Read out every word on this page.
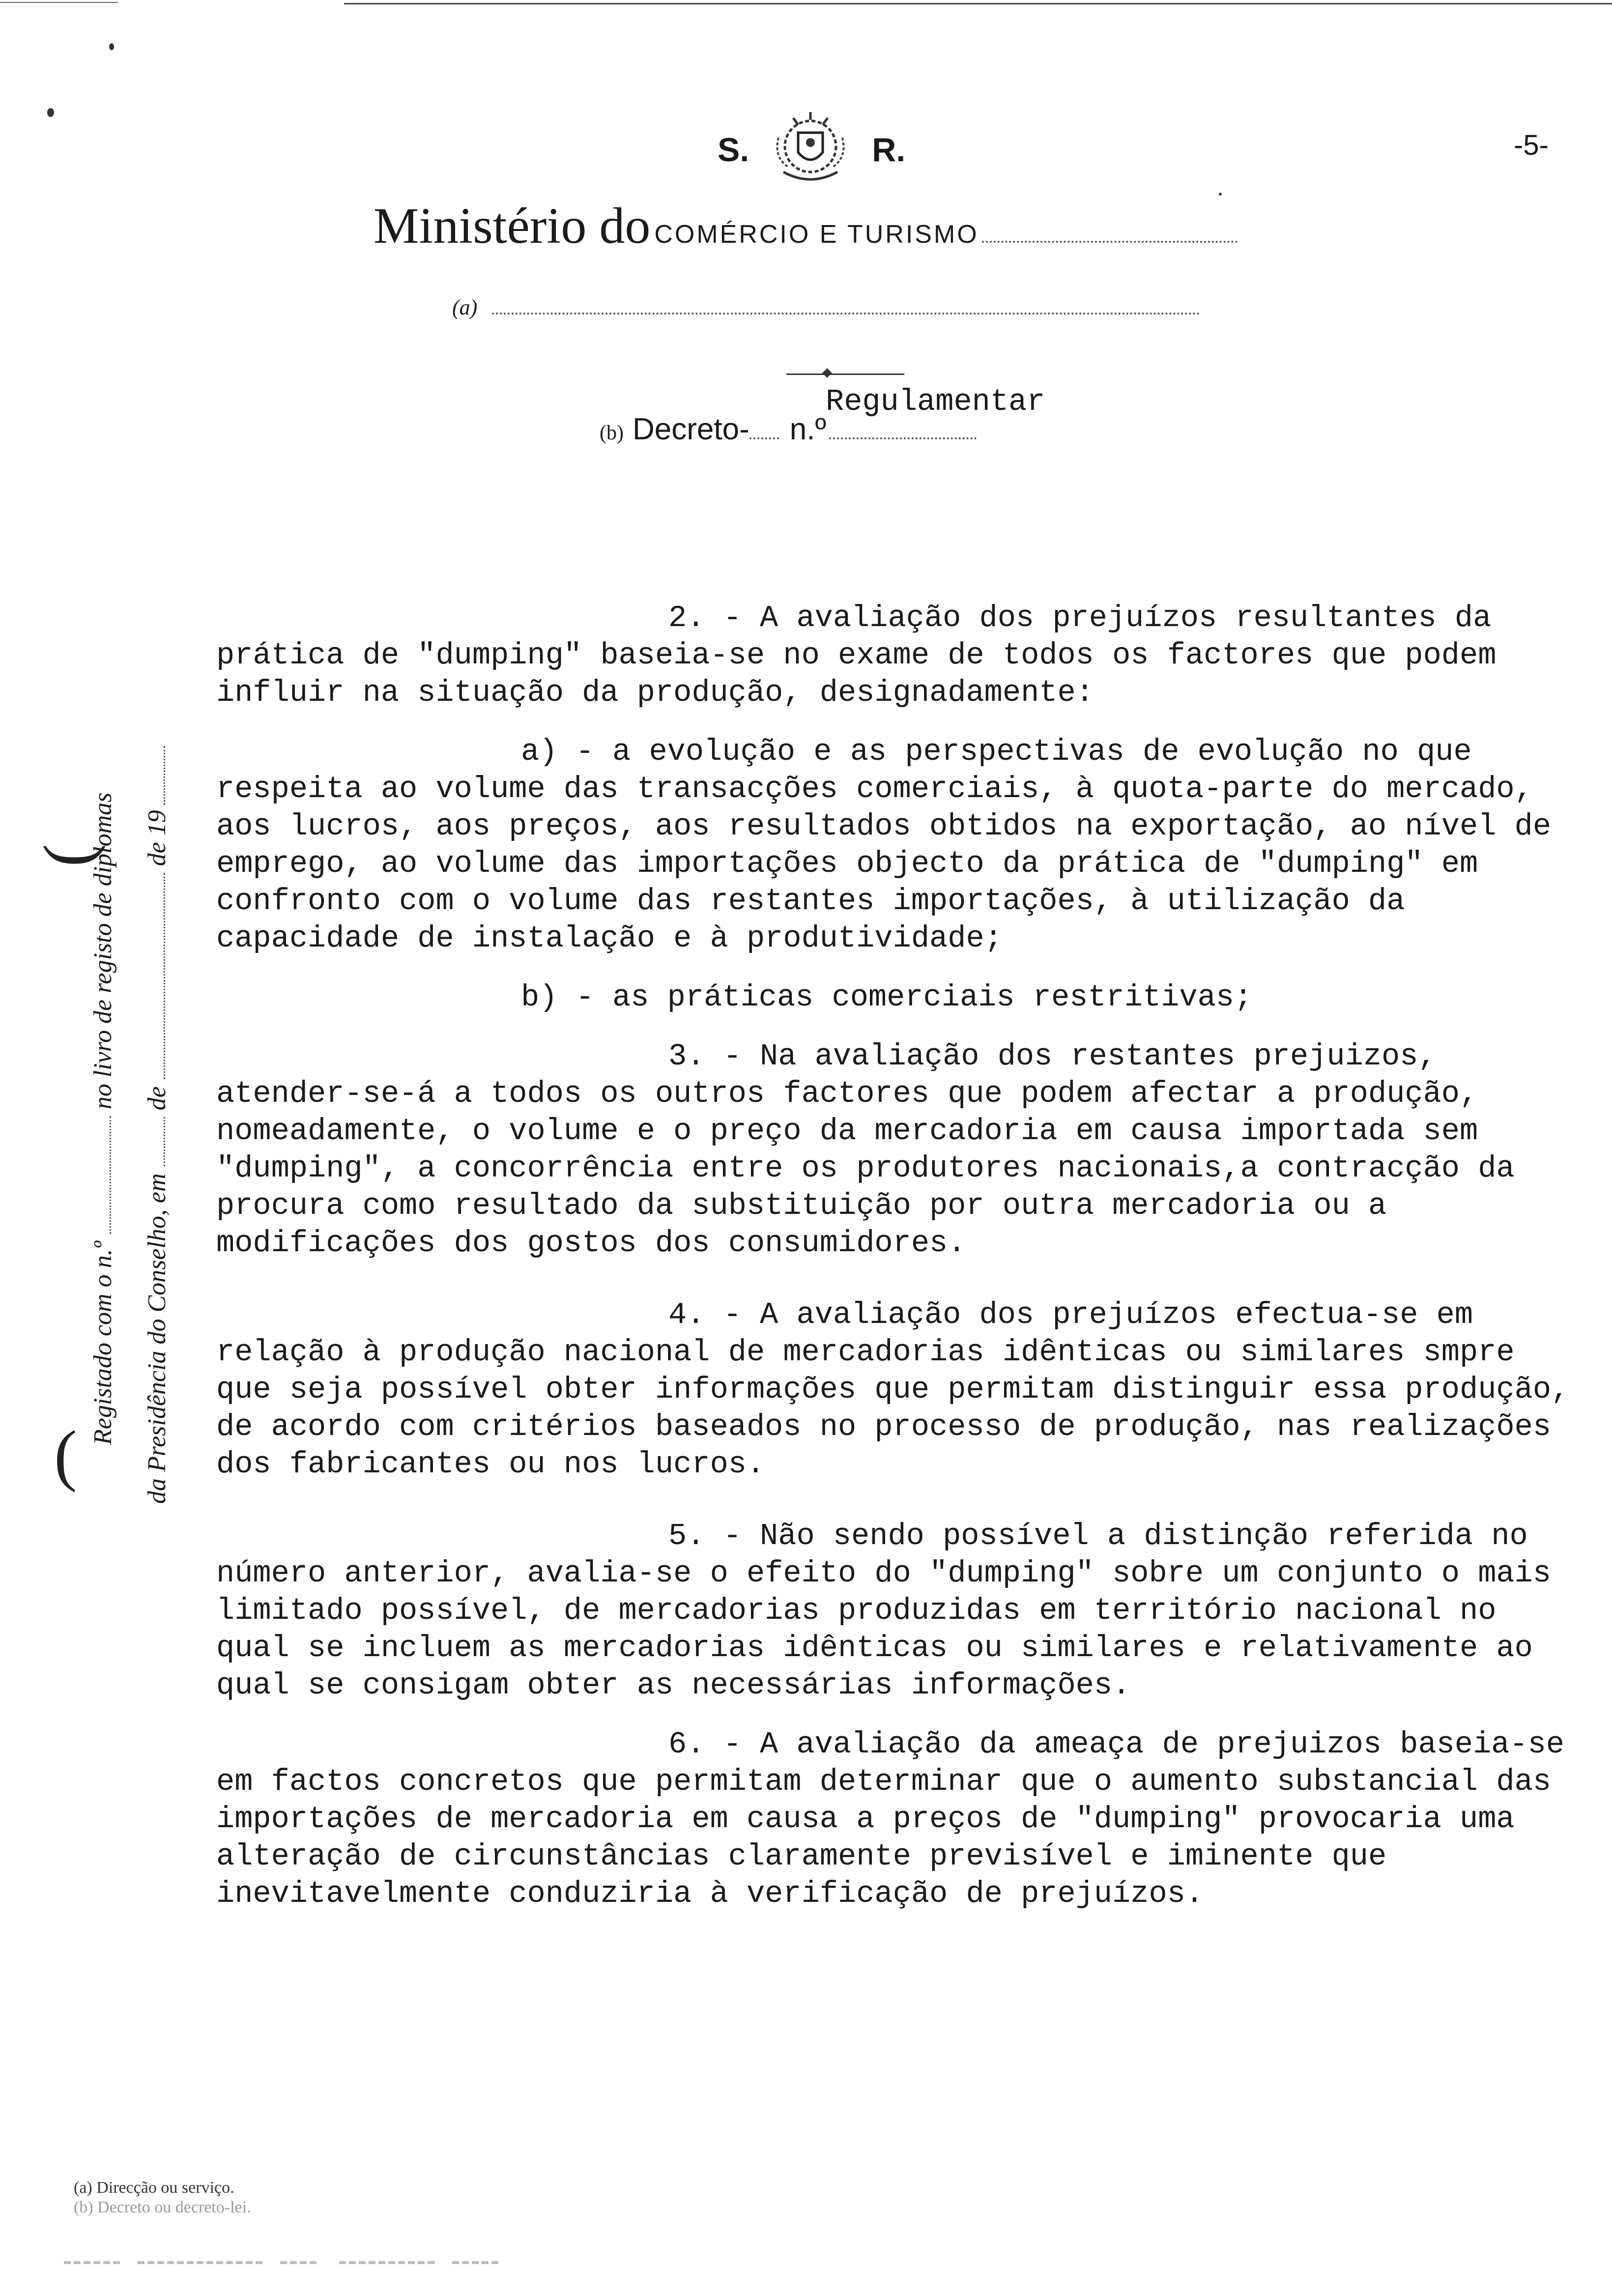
S.	R.	-5-
Ministério do COMÉRCIO E TURISMO
(a)
Regulamentar
(b) Decreto - n.º
(
(
Registado com o n.º
no livro de registo de diplomas
da Presidência do Conselho, em
de
de 19

2. - A avaliação dos prejuízos resultantes da prática de "dumping" baseia-se no exame de todos os factores que podem influir na situação da produção, designadamente:

a) - a evolução e as perspectivas de evolução no que respeita ao volume das transacções comerciais, à quota-parte do mercado, aos lucros, aos preços, aos resultados obtidos na exportação, ao nível de emprego, ao volume das importações objecto da prática de "dumping" em confronto com o volume das restantes importações, à utilização da capacidade de instalação e à produtividade;

b) - as práticas comerciais restritivas;

3. - Na avaliação dos restantes prejuizos, atender-se-á a todos os outros factores que podem afectar a produção, nomeadamente, o volume e o preço da mercadoria em causa importada sem "dumping", a concorrência entre os produtores nacionais,a contracção da procura como resultado da substituição por outra mercadoria ou a modificações dos gostos dos consumidores.

4. - A avaliação dos prejuízos efectua-se em relação à produção nacional de mercadorias idênticas ou similares smpre que seja possível obter informações que permitam distinguir essa produção, de acordo com critérios baseados no processo de produção, nas realizações dos fabricantes ou nos lucros.

5. - Não sendo possível a distinção referida no número anterior, avalia-se o efeito do "dumping" sobre um conjunto o mais limitado possível, de mercadorias produzidas em território nacional no qual se incluem as mercadorias idênticas ou similares e relativamente ao qual se consigam obter as necessárias informações.

6. - A avaliação da ameaça de prejuizos baseia-se em factos concretos que permitam determinar que o aumento substancial das importações de mercadoria em causa a preços de "dumping" provocaria uma alteração de circunstâncias claramente previsível e iminente que inevitavelmente conduziria à verificação de prejuízos.

(a) Direcção ou serviço.
(b) Decreto ou decreto-lei.
